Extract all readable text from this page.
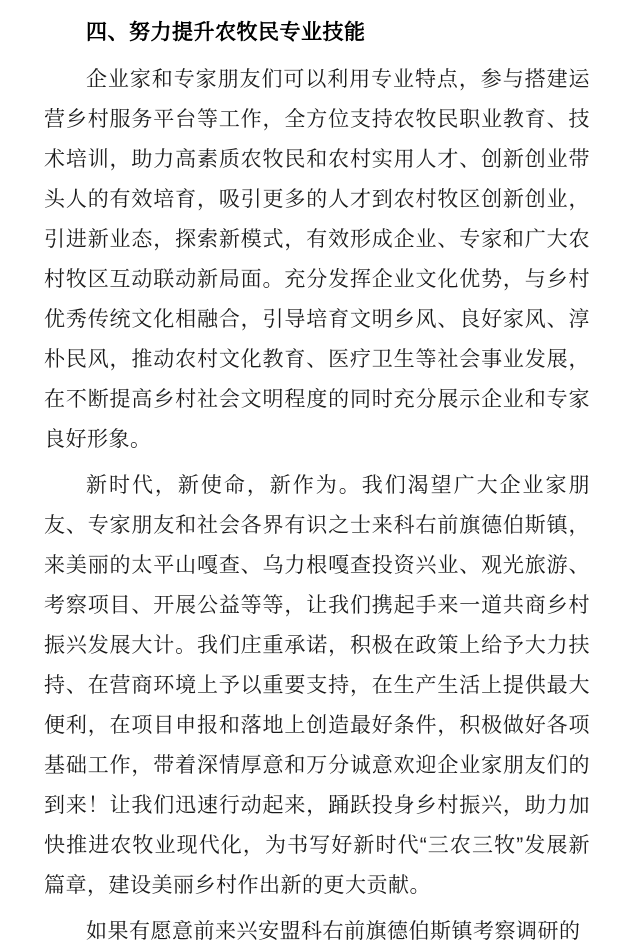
四、努力提升农牧民专业技能

企业家和专家朋友们可以利用专业特点，参与搭建运营乡村服务平台等工作，全方位支持农牧民职业教育、技术培训，助力高素质农牧民和农村实用人才、创新创业带头人的有效培育，吸引更多的人才到农村牧区创新创业，引进新业态，探索新模式，有效形成企业、专家和广大农村牧区互动联动新局面。充分发挥企业文化优势，与乡村优秀传统文化相融合，引导培育文明乡风、良好家风、淳朴民风，推动农村文化教育、医疗卫生等社会事业发展，在不断提高乡村社会文明程度的同时充分展示企业和专家良好形象。

新时代，新使命，新作为。我们渴望广大企业家朋友、专家朋友和社会各界有识之士来科右前旗德伯斯镇，来美丽的太平山嘎查、乌力根嘎查投资兴业、观光旅游、考察项目、开展公益等等，让我们携起手来一道共商乡村振兴发展大计。我们庄重承诺，积极在政策上给予大力扶持、在营商环境上予以重要支持，在生产生活上提供最大便利，在项目申报和落地上创造最好条件，积极做好各项基础工作，带着深情厚意和万分诚意欢迎企业家朋友们的到来！让我们迅速行动起来，踊跃投身乡村振兴，助力加快推进农牧业现代化，为书写好新时代“三农三牧”发展新篇章，建设美丽乡村作出新的更大贡献。

如果有愿意前来兴安盟科右前旗德伯斯镇考察调研的
